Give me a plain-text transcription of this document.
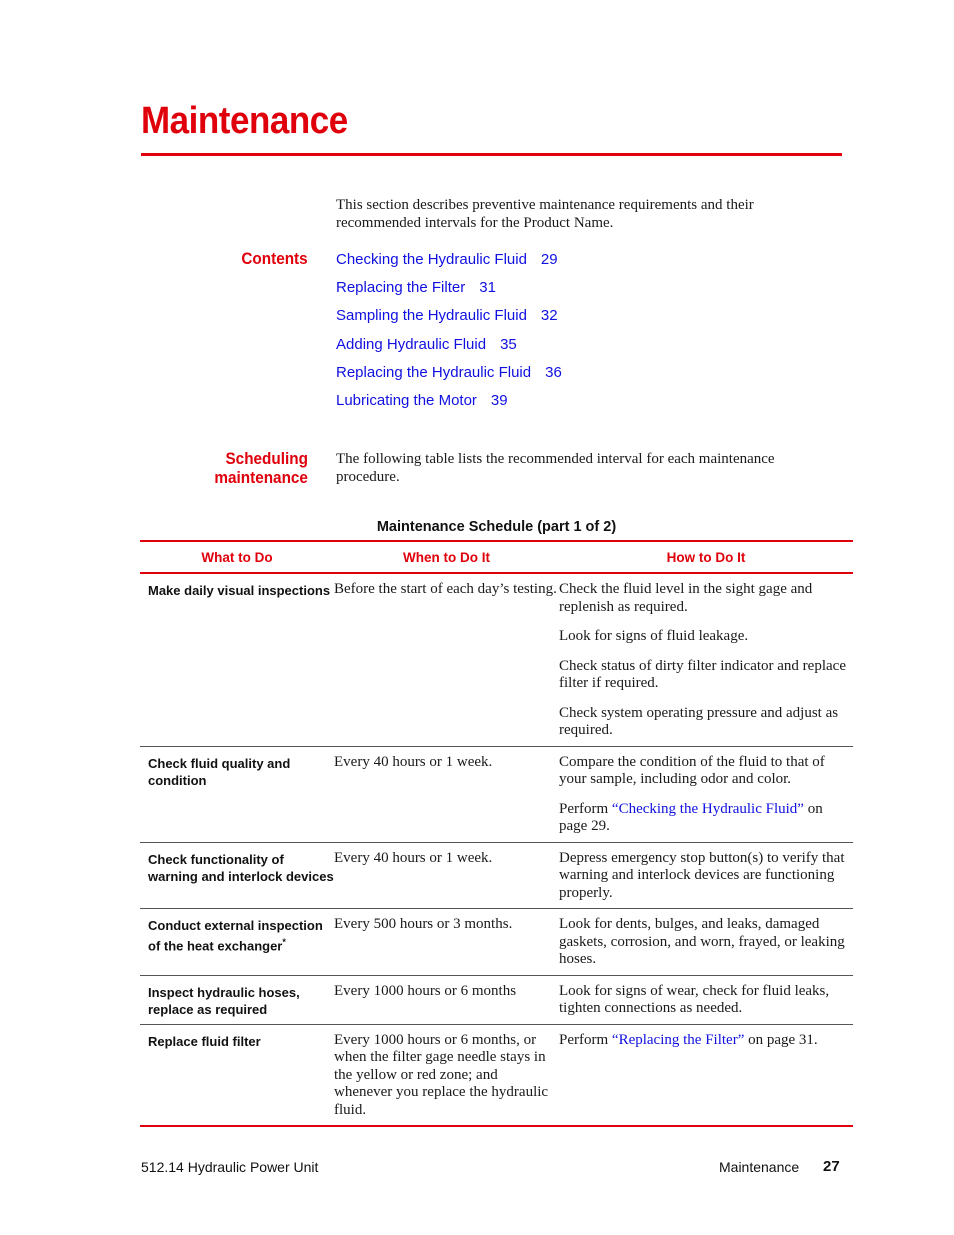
Maintenance
This section describes preventive maintenance requirements and their recommended intervals for the Product Name.
Contents Checking the Hydraulic Fluid 29
Replacing the Filter 31
Sampling the Hydraulic Fluid 32
Adding Hydraulic Fluid 35
Replacing the Hydraulic Fluid 36
Lubricating the Motor 39
Scheduling
maintenance
The following table lists the recommended interval for each maintenance procedure.
Maintenance Schedule (part 1 of 2)
What to Do	When to Do It	How to Do It
Make daily visual inspections	Before the start of each day’s testing.	Check the fluid level in the sight gage and replenish as required.

Look for signs of fluid leakage.

Check status of dirty filter indicator and replace filter if required.

Check system operating pressure and adjust as required.

Check fluid quality and condition	Every 40 hours or 1 week.	Compare the condition of the fluid to that of your sample, including odor and color.

Perform “Checking the Hydraulic Fluid” on page 29.

Check functionality of warning and interlock devices	Every 40 hours or 1 week.	Depress emergency stop button(s) to verify that warning and interlock devices are functioning properly.

Conduct external inspection of the heat exchanger*	Every 500 hours or 3 months.	Look for dents, bulges, and leaks, damaged gaskets, corrosion, and worn, frayed, or leaking hoses.

Inspect hydraulic hoses, replace as required	Every 1000 hours or 6 months	Look for signs of wear, check for fluid leaks, tighten connections as needed.

Replace fluid filter	Every 1000 hours or 6 months, or when the filter gage needle stays in the yellow or red zone; and whenever you replace the hydraulic fluid.	Perform “Replacing the Filter” on page 31.

512.14 Hydraulic Power Unit	Maintenance 27
